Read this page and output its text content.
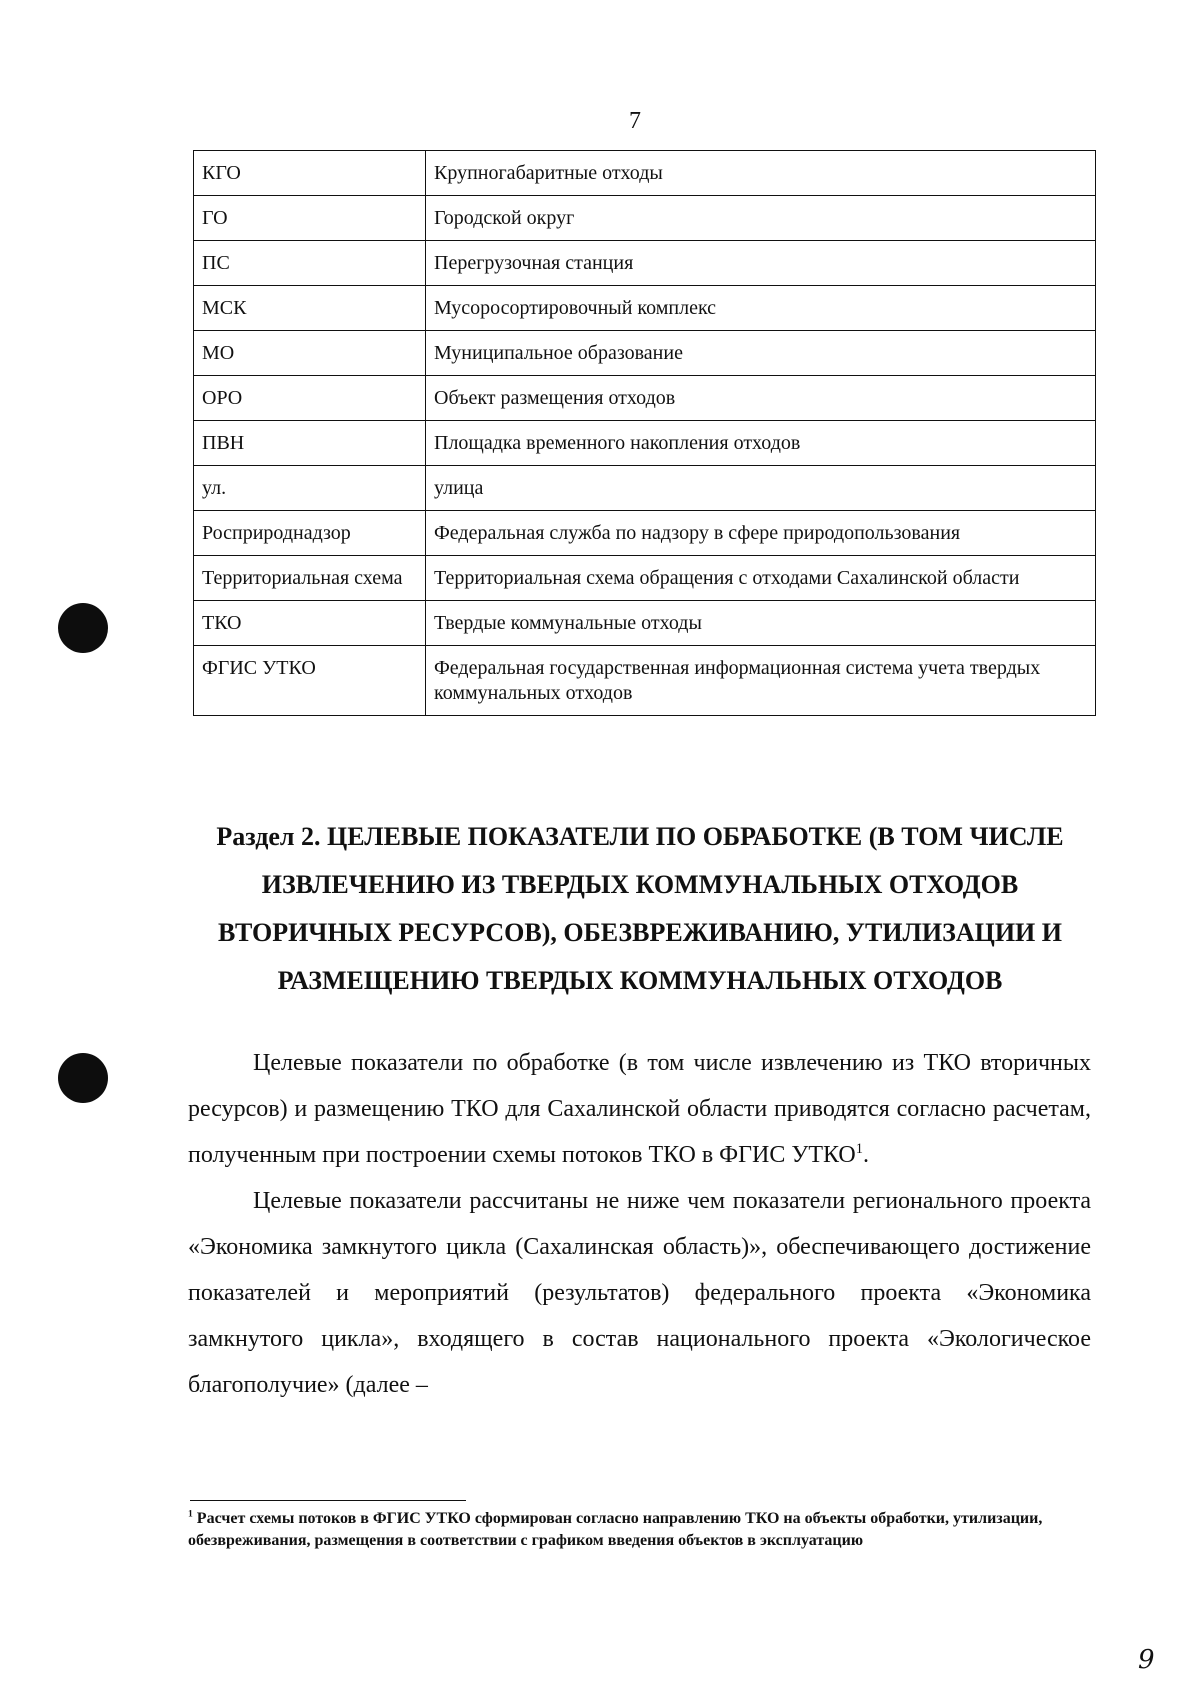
7
КГО	Крупногабаритные отходы
ГО	Городской округ
ПС	Перегрузочная станция
МСК	Мусоросортировочный комплекс
МО	Муниципальное образование
ОРО	Объект размещения отходов
ПВН	Площадка временного накопления отходов
ул.	улица
Росприроднадзор	Федеральная служба по надзору в сфере природопользования
Территориальная схема	Территориальная схема обращения с отходами Сахалинской области
ТКО	Твердые коммунальные отходы
ФГИС УТКО	Федеральная государственная информационная система учета твердых коммунальных отходов
Раздел 2. ЦЕЛЕВЫЕ ПОКАЗАТЕЛИ ПО ОБРАБОТКЕ (В ТОМ ЧИСЛЕ ИЗВЛЕЧЕНИЮ ИЗ ТВЕРДЫХ КОММУНАЛЬНЫХ ОТХОДОВ ВТОРИЧНЫХ РЕСУРСОВ), ОБЕЗВРЕЖИВАНИЮ, УТИЛИЗАЦИИ И РАЗМЕЩЕНИЮ ТВЕРДЫХ КОММУНАЛЬНЫХ ОТХОДОВ

Целевые показатели по обработке (в том числе извлечению из ТКО вторичных ресурсов) и размещению ТКО для Сахалинской области приводятся согласно расчетам, полученным при построении схемы потоков ТКО в ФГИС УТКО$^1$.

Целевые показатели рассчитаны не ниже чем показатели регионального проекта «Экономика замкнутого цикла (Сахалинская область)», обеспечивающего достижение показателей и мероприятий (результатов) федерального проекта «Экономика замкнутого цикла», входящего в состав национального проекта «Экологическое благополучие» (далее –

$^1$ Расчет схемы потоков в ФГИС УТКО сформирован согласно направлению ТКО на объекты обработки, утилизации, обезвреживания, размещения в соответствии с графиком введения объектов в эксплуатацию
9
